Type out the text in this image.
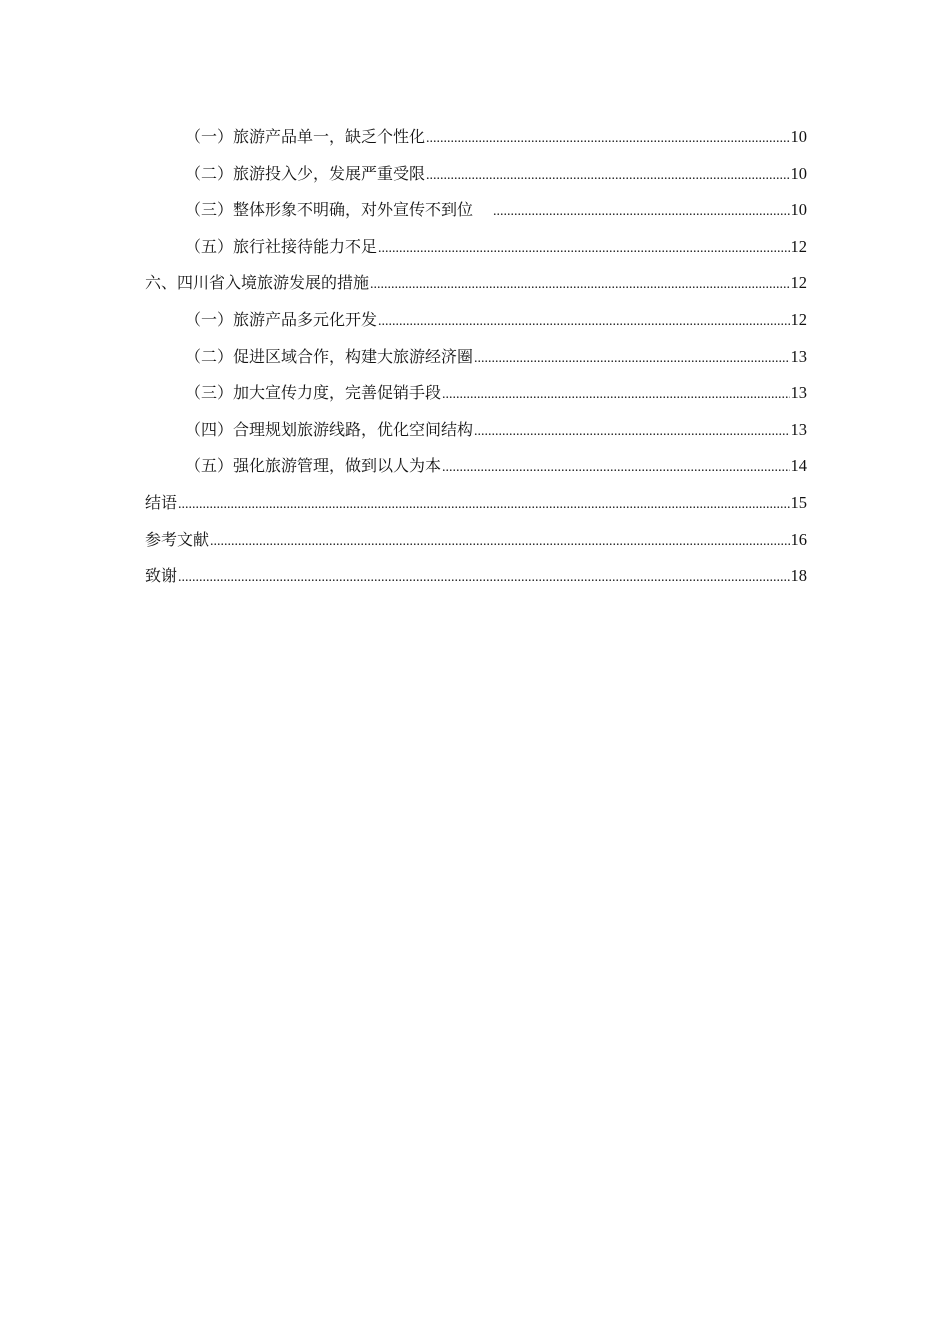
（一）旅游产品单一，缺乏个性化 .....	10
（二）旅游投入少，发展严重受限 .....	10
（三）整体形象不明确，对外宣传不到位 .....	10
（五）旅行社接待能力不足 .....	12
六、四川省入境旅游发展的措施 .....	12
（一）旅游产品多元化开发 .....	12
（二）促进区域合作，构建大旅游经济圈 .....	13
（三）加大宣传力度，完善促销手段 .....	13
（四）合理规划旅游线路，优化空间结构 .....	13
（五）强化旅游管理，做到以人为本 .....	14
结语 .....	15
参考文献 .....	16
致谢 .....	18
